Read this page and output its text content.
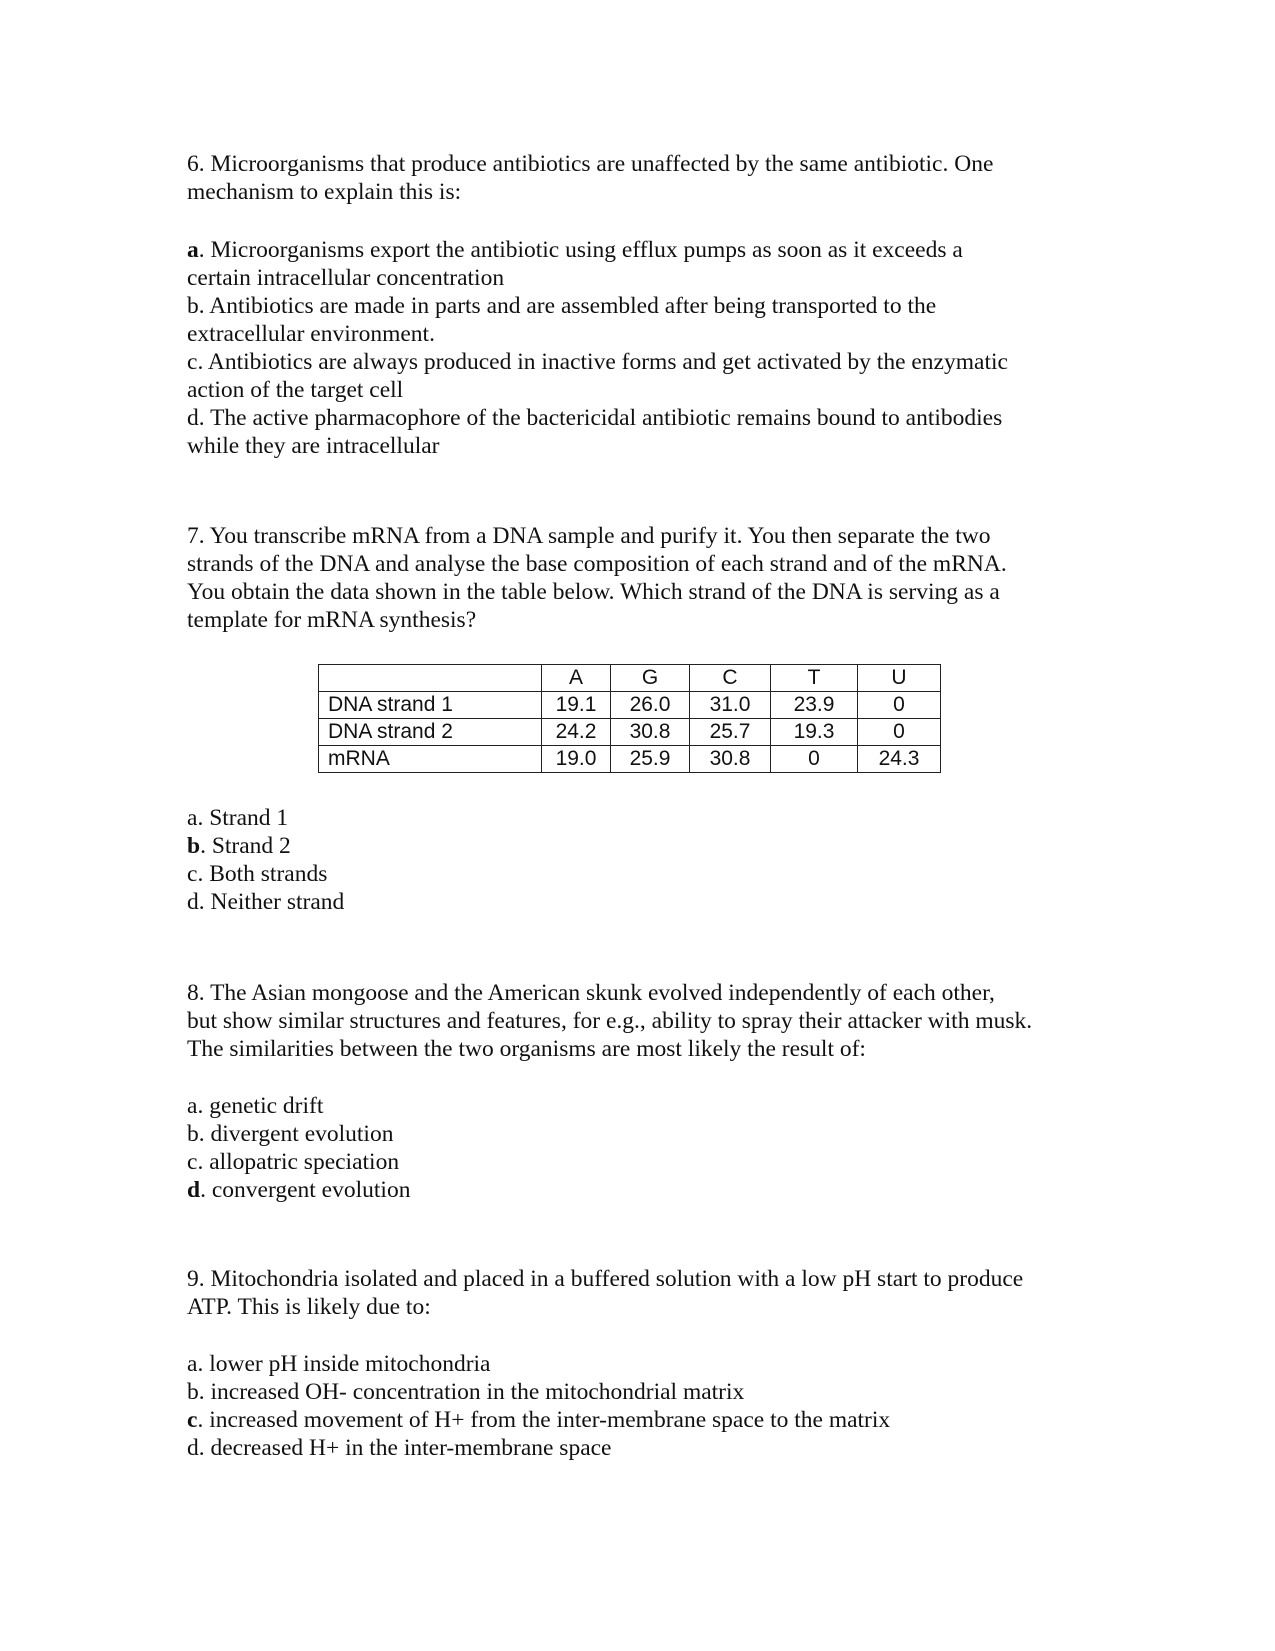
6. Microorganisms that produce antibiotics are unaffected by the same antibiotic. One
mechanism to explain this is:
a. Microorganisms export the antibiotic using efflux pumps as soon as it exceeds a
certain intracellular concentration
b. Antibiotics are made in parts and are assembled after being transported to the
extracellular environment.
c. Antibiotics are always produced in inactive forms and get activated by the enzymatic
action of the target cell
d. The active pharmacophore of the bactericidal antibiotic remains bound to antibodies
while they are intracellular
7. You transcribe mRNA from a DNA sample and purify it. You then separate the two
strands of the DNA and analyse the base composition of each strand and of the mRNA.
You obtain the data shown in the table below. Which strand of the DNA is serving as a
template for mRNA synthesis?
	A	G	C	T	U
DNA strand 1	19.1	26.0	31.0	23.9	0
DNA strand 2	24.2	30.8	25.7	19.3	0
mRNA	19.0	25.9	30.8	0	24.3
a. Strand 1
b. Strand 2
c. Both strands
d. Neither strand
8. The Asian mongoose and the American skunk evolved independently of each other,
but show similar structures and features, for e.g., ability to spray their attacker with musk.
The similarities between the two organisms are most likely the result of:
a. genetic drift
b. divergent evolution
c. allopatric speciation
d. convergent evolution
9. Mitochondria isolated and placed in a buffered solution with a low pH start to produce
ATP. This is likely due to:
a. lower pH inside mitochondria
b. increased OH- concentration in the mitochondrial matrix
c. increased movement of H+ from the inter-membrane space to the matrix
d. decreased H+ in the inter-membrane space
